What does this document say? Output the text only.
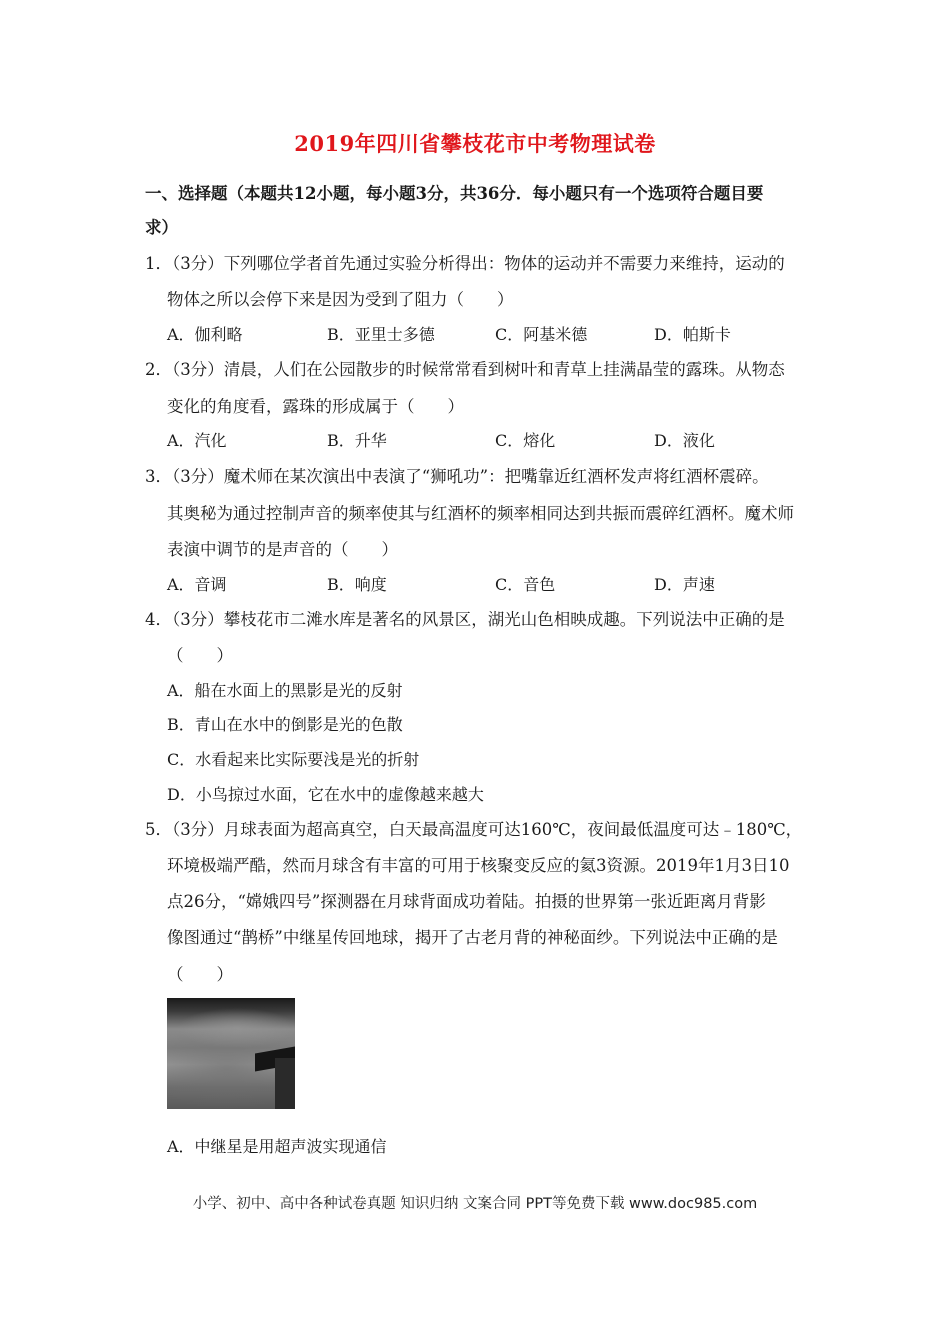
2019年四川省攀枝花市中考物理试卷
一、选择题（本题共12小题，每小题3分，共36分．每小题只有一个选项符合题目要
求）
1．（3分）下列哪位学者首先通过实验分析得出：物体的运动并不需要力来维持，运动的
物体之所以会停下来是因为受到了阻力（　　）
A．伽利略	B．亚里士多德	C．阿基米德	D．帕斯卡
2．（3分）清晨，人们在公园散步的时候常常看到树叶和青草上挂满晶莹的露珠。从物态
变化的角度看，露珠的形成属于（　　）
A．汽化	B．升华	C．熔化	D．液化
3．（3分）魔术师在某次演出中表演了“狮吼功”：把嘴靠近红酒杯发声将红酒杯震碎。
其奥秘为通过控制声音的频率使其与红酒杯的频率相同达到共振而震碎红酒杯。魔术师
表演中调节的是声音的（　　）
A．音调	B．响度	C．音色	D．声速
4．（3分）攀枝花市二滩水库是著名的风景区，湖光山色相映成趣。下列说法中正确的是
（　　）
A．船在水面上的黑影是光的反射
B．青山在水中的倒影是光的色散
C．水看起来比实际要浅是光的折射
D．小鸟掠过水面，它在水中的虚像越来越大
5．（3分）月球表面为超高真空，白天最高温度可达160℃，夜间最低温度可达﹣180℃，
环境极端严酷，然而月球含有丰富的可用于核聚变反应的氦3资源。2019年1月3日10
点26分，“嫦娥四号”探测器在月球背面成功着陆。拍摄的世界第一张近距离月背影
像图通过“鹊桥”中继星传回地球，揭开了古老月背的神秘面纱。下列说法中正确的是
（　　）
A．中继星是用超声波实现通信
小学、初中、高中各种试卷真题 知识归纳 文案合同 PPT等免费下载 www.doc985.com
